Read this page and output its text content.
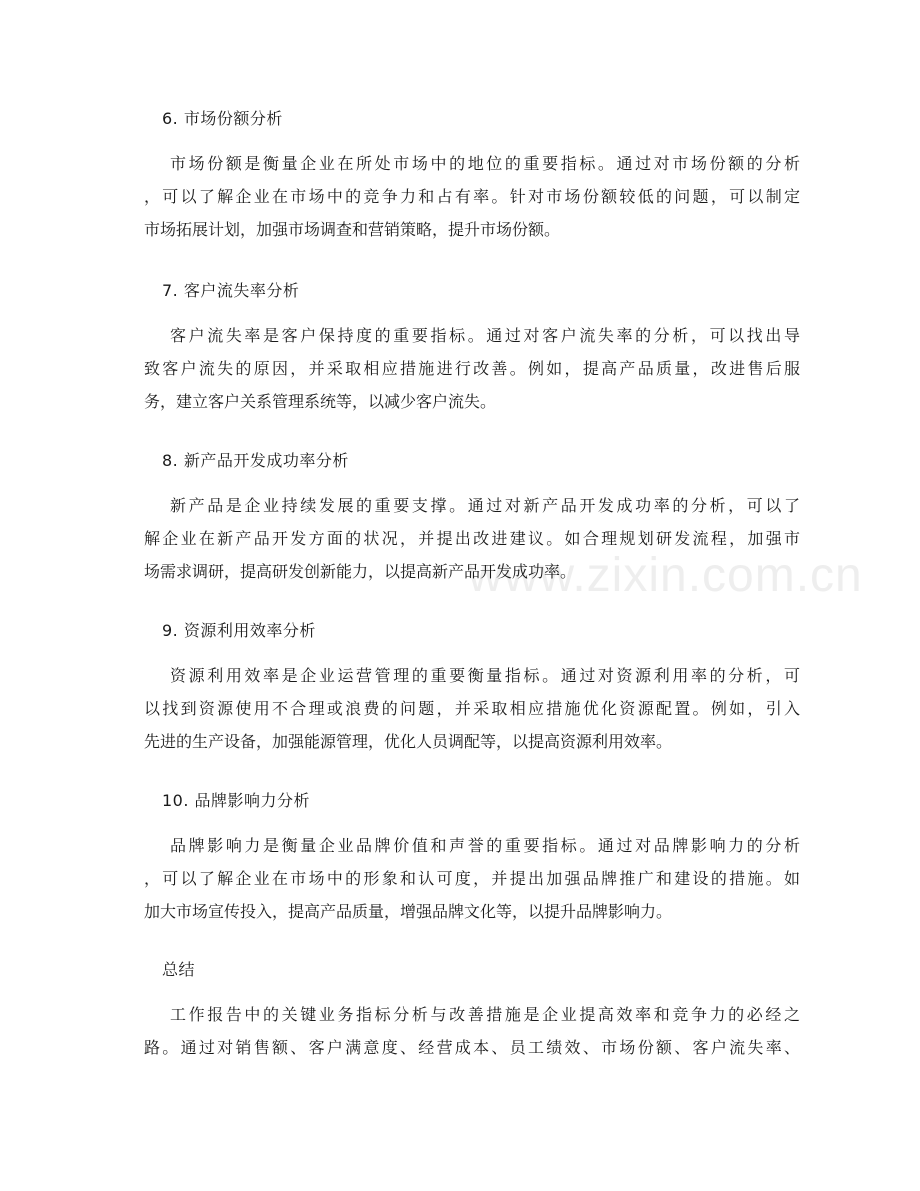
www.zixin.com.cn
6. 市场份额分析
市场份额是衡量企业在所处市场中的地位的重要指标。通过对市场份额的分析
，可以了解企业在市场中的竞争力和占有率。针对市场份额较低的问题，可以制定
市场拓展计划，加强市场调查和营销策略，提升市场份额。
7. 客户流失率分析
客户流失率是客户保持度的重要指标。通过对客户流失率的分析，可以找出导
致客户流失的原因，并采取相应措施进行改善。例如，提高产品质量，改进售后服
务，建立客户关系管理系统等，以减少客户流失。
8. 新产品开发成功率分析
新产品是企业持续发展的重要支撑。通过对新产品开发成功率的分析，可以了
解企业在新产品开发方面的状况，并提出改进建议。如合理规划研发流程，加强市
场需求调研，提高研发创新能力，以提高新产品开发成功率。
9. 资源利用效率分析
资源利用效率是企业运营管理的重要衡量指标。通过对资源利用率的分析，可
以找到资源使用不合理或浪费的问题，并采取相应措施优化资源配置。例如，引入
先进的生产设备，加强能源管理，优化人员调配等，以提高资源利用效率。
10. 品牌影响力分析
品牌影响力是衡量企业品牌价值和声誉的重要指标。通过对品牌影响力的分析
，可以了解企业在市场中的形象和认可度，并提出加强品牌推广和建设的措施。如
加大市场宣传投入，提高产品质量，增强品牌文化等，以提升品牌影响力。
总结
工作报告中的关键业务指标分析与改善措施是企业提高效率和竞争力的必经之
路。通过对销售额、客户满意度、经营成本、员工绩效、市场份额、客户流失率、
